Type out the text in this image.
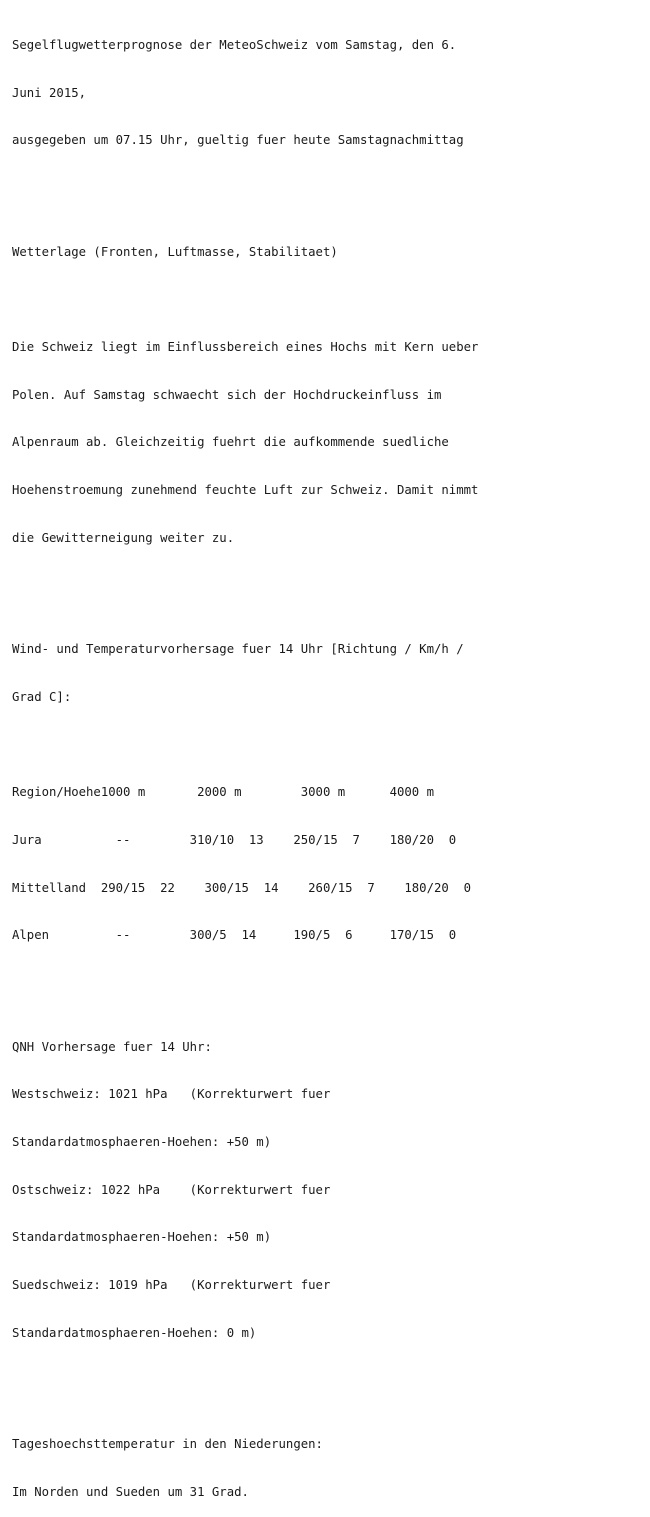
Segelflugwetterprognose der MeteoSchweiz vom Samstag, den 6.

Juni 2015,

ausgegeben um 07.15 Uhr, gueltig fuer heute Samstagnachmittag

Wetterlage (Fronten, Luftmasse, Stabilitaet)

Die Schweiz liegt im Einflussbereich eines Hochs mit Kern ueber

Polen. Auf Samstag schwaecht sich der Hochdruckeinfluss im

Alpenraum ab. Gleichzeitig fuehrt die aufkommende suedliche

Hoehenstroemung zunehmend feuchte Luft zur Schweiz. Damit nimmt

die Gewitterneigung weiter zu.

Wind- und Temperaturvorhersage fuer 14 Uhr [Richtung / Km/h /

Grad C]:

Region/Hoehe1000 m       2000 m        3000 m      4000 m

Jura          --        310/10  13    250/15  7    180/20  0

Mittelland  290/15  22    300/15  14    260/15  7    180/20  0

Alpen         --        300/5  14     190/5  6     170/15  0

QNH Vorhersage fuer 14 Uhr:

Westschweiz: 1021 hPa   (Korrekturwert fuer

Standardatmosphaeren-Hoehen: +50 m)

Ostschweiz: 1022 hPa    (Korrekturwert fuer

Standardatmosphaeren-Hoehen: +50 m)

Suedschweiz: 1019 hPa   (Korrekturwert fuer

Standardatmosphaeren-Hoehen: 0 m)

Tageshoechsttemperatur in den Niederungen:

Im Norden und Sueden um 31 Grad.
